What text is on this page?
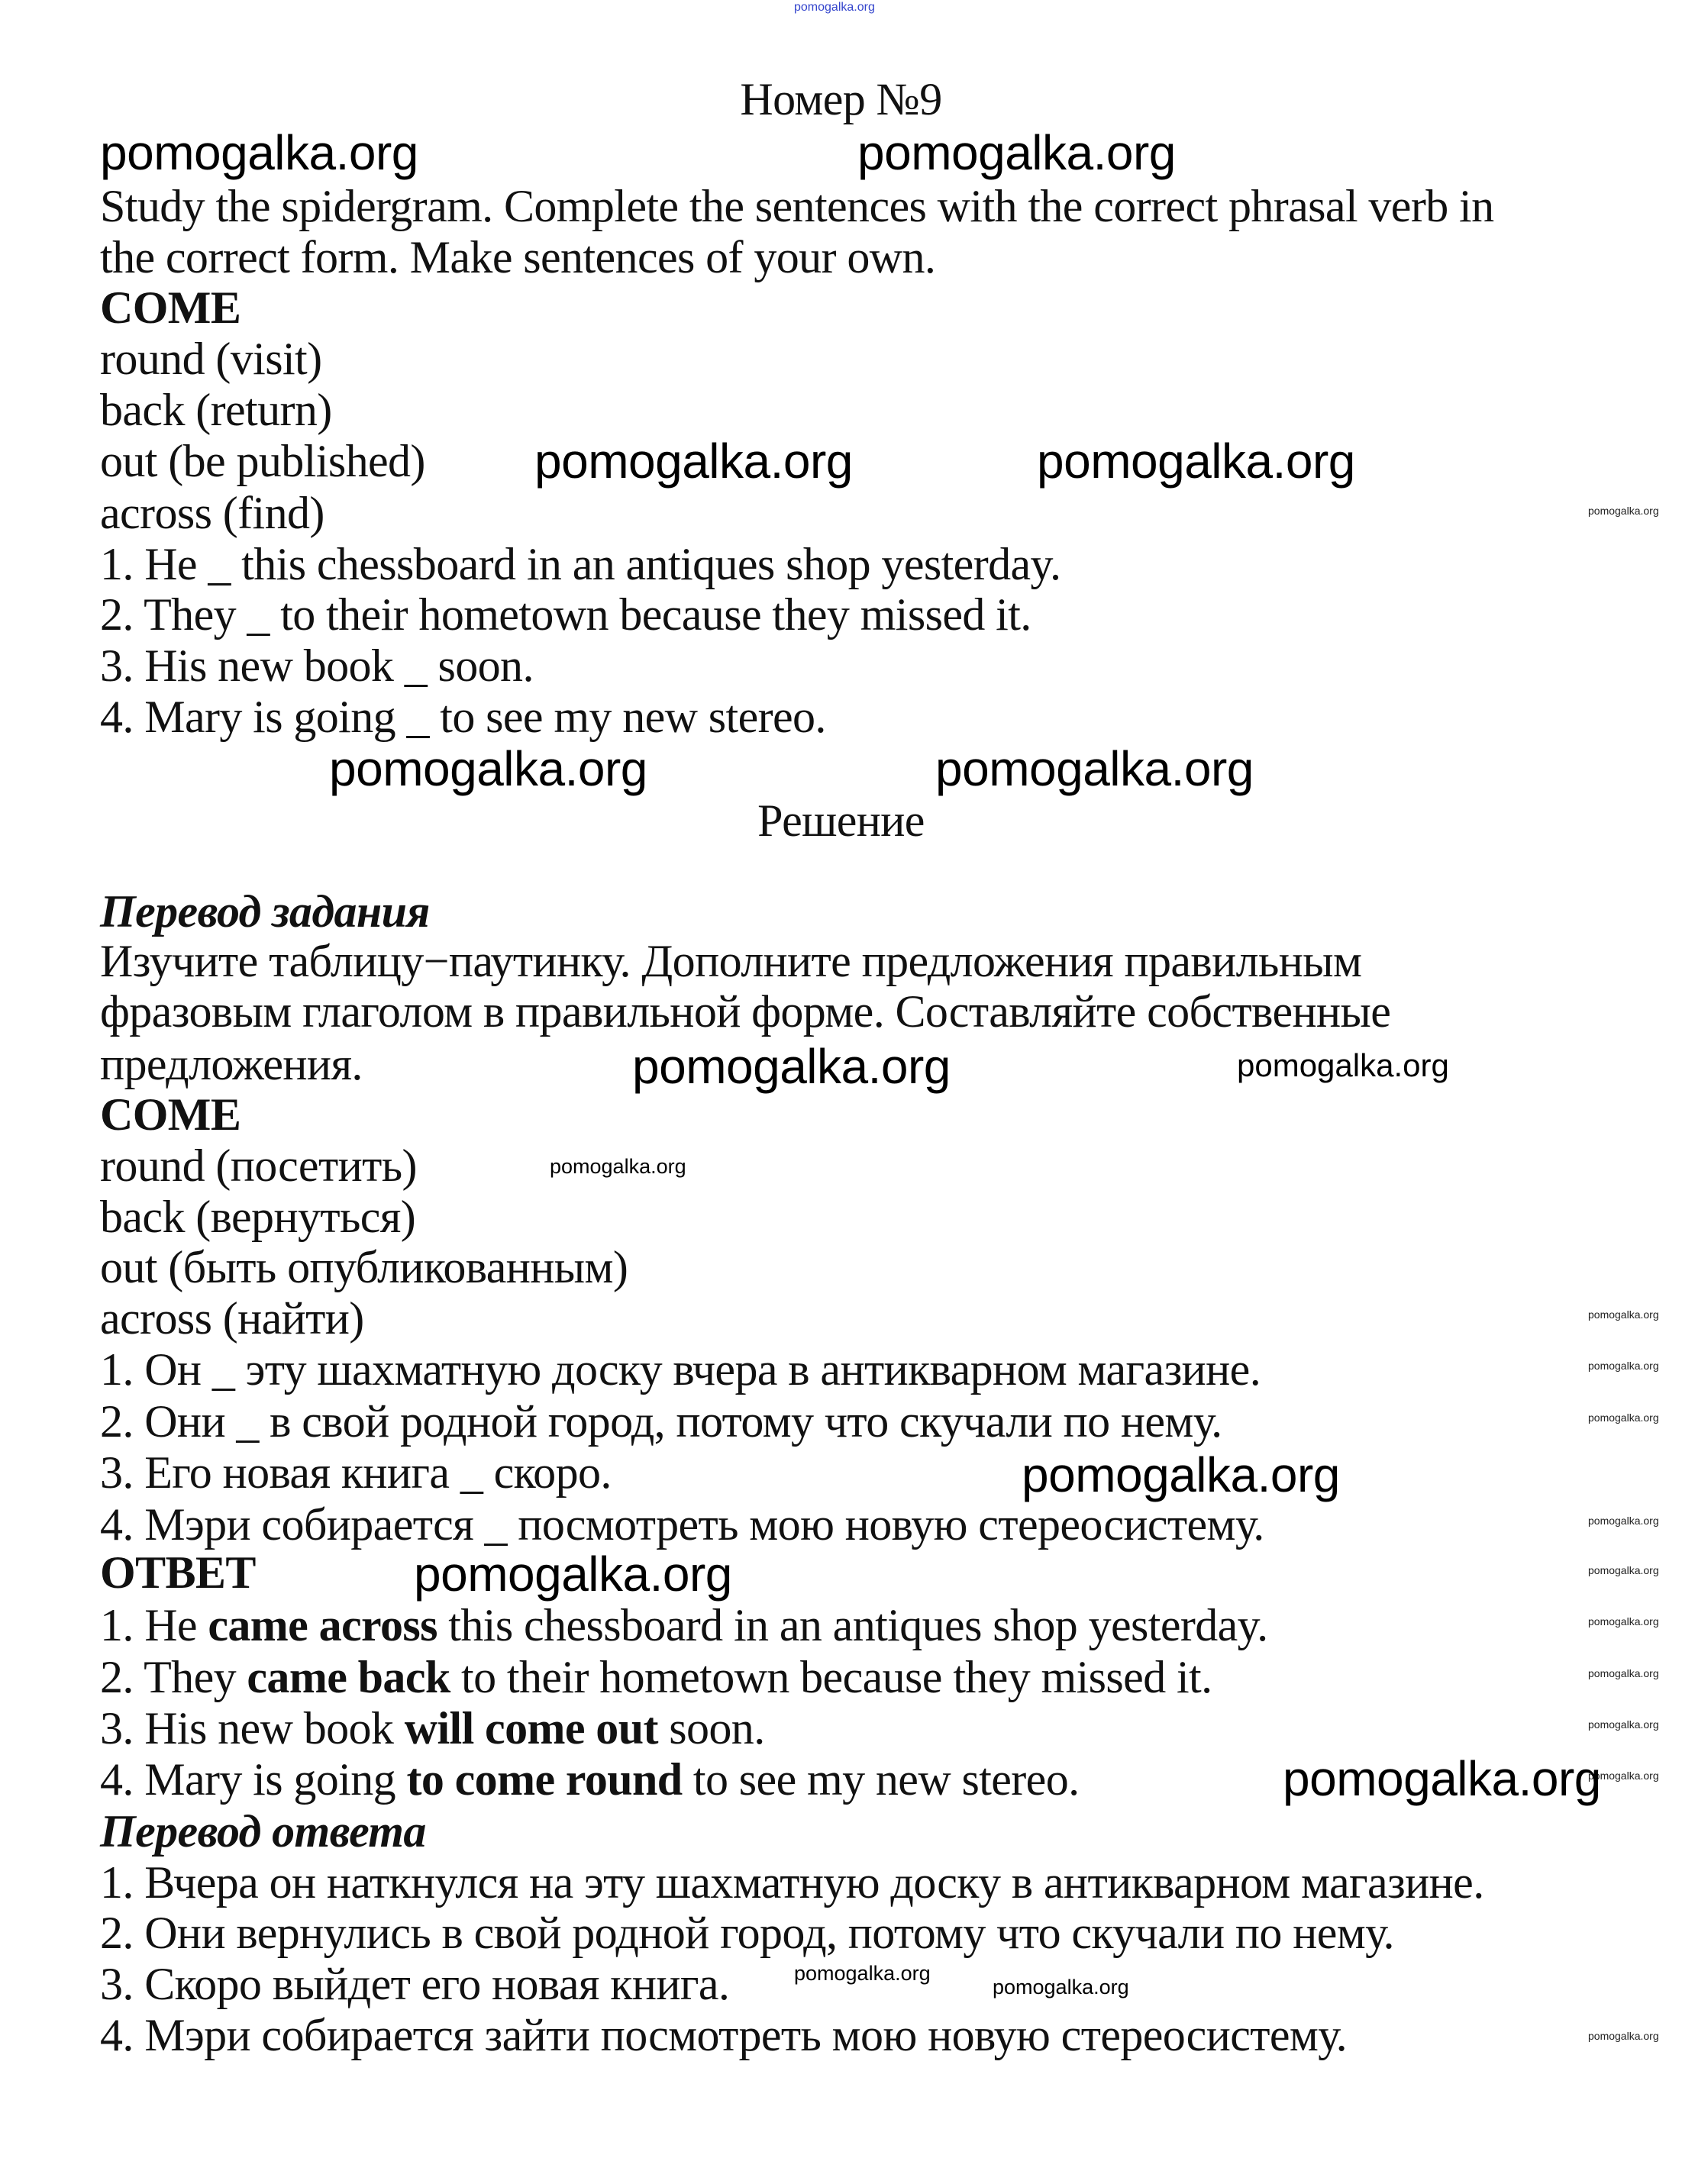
pomogalka.org
Номер №9
pomogalka.org	pomogalka.org
Study the spidergram. Complete the sentences with the correct phrasal verb in
the correct form. Make sentences of your own.
COME
round (visit)
back (return)
out (be published) pomogalka.org	pomogalka.org
pomogalka.org
across (find)
1. He _ this chessboard in an antiques shop yesterday.
2. They _ to their hometown because they missed it.
3. His new book _ soon.
4. Mary is going _ to see my new stereo.
pomogalka.org	pomogalka.org
Решение
Перевод задания
Изучите таблицу−паутинку. Дополните предложения правильным
фразовым глаголом в правильной форме. Составляйте собственные
предложения.	pomogalka.org	pomogalka.org
COME
round (посетить)	pomogalka.org
back (вернуться)
out (быть опубликованным)
across (найти)	pomogalka.org
1. Он _ эту шахматную доску вчера в антикварном магазине.	pomogalka.org
2. Они _ в свой родной город, потому что скучали по нему.	pomogalka.org
3. Его новая книга _ скоро.	pomogalka.org
pomogalka.org
4. Мэри собирается _ посмотреть мою новую стереосистему.
pomogalka.org
ОТВЕТ	pomogalka.org
pomogalka.org
1. He came across this chessboard in an antiques shop yesterday.
pomogalka.org
2. They came back to their hometown because they missed it.
pomogalka.org
3. His new book will come out soon.
pomogalka.org
4. Mary is going to come round to see my new stereo.	pomogalka.org
Перевод ответа
1. Вчера он наткнулся на эту шахматную доску в антикварном магазине.
2. Они вернулись в свой родной город, потому что скучали по нему.
3. Скоро выйдет его новая книга.	pomogalka.org
pomogalka.org
4. Мэри собирается зайти посмотреть мою новую стереосистему.	pomogalka.org
